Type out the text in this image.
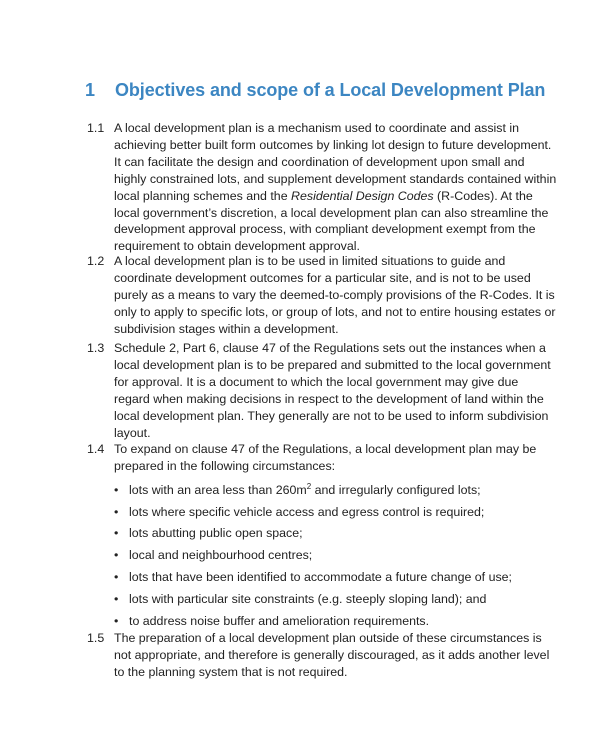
1 Objectives and scope of a Local Development Plan
1.1 A local development plan is a mechanism used to coordinate and assist in achieving better built form outcomes by linking lot design to future development. It can facilitate the design and coordination of development upon small and highly constrained lots, and supplement development standards contained within local planning schemes and the Residential Design Codes (R-Codes). At the local government’s discretion, a local development plan can also streamline the development approval process, with compliant development exempt from the requirement to obtain development approval.
1.2 A local development plan is to be used in limited situations to guide and coordinate development outcomes for a particular site, and is not to be used purely as a means to vary the deemed-to-comply provisions of the R-Codes. It is only to apply to specific lots, or group of lots, and not to entire housing estates or subdivision stages within a development.
1.3 Schedule 2, Part 6, clause 47 of the Regulations sets out the instances when a local development plan is to be prepared and submitted to the local government for approval. It is a document to which the local government may give due regard when making decisions in respect to the development of land within the local development plan. They generally are not to be used to inform subdivision layout.
1.4 To expand on clause 47 of the Regulations, a local development plan may be prepared in the following circumstances:
• lots with an area less than $260m^2$ and irregularly configured lots;
• lots where specific vehicle access and egress control is required;
• lots abutting public open space;
• local and neighbourhood centres;
• lots that have been identified to accommodate a future change of use;
• lots with particular site constraints (e.g. steeply sloping land); and
• to address noise buffer and amelioration requirements.
1.5 The preparation of a local development plan outside of these circumstances is not appropriate, and therefore is generally discouraged, as it adds another level to the planning system that is not required.
